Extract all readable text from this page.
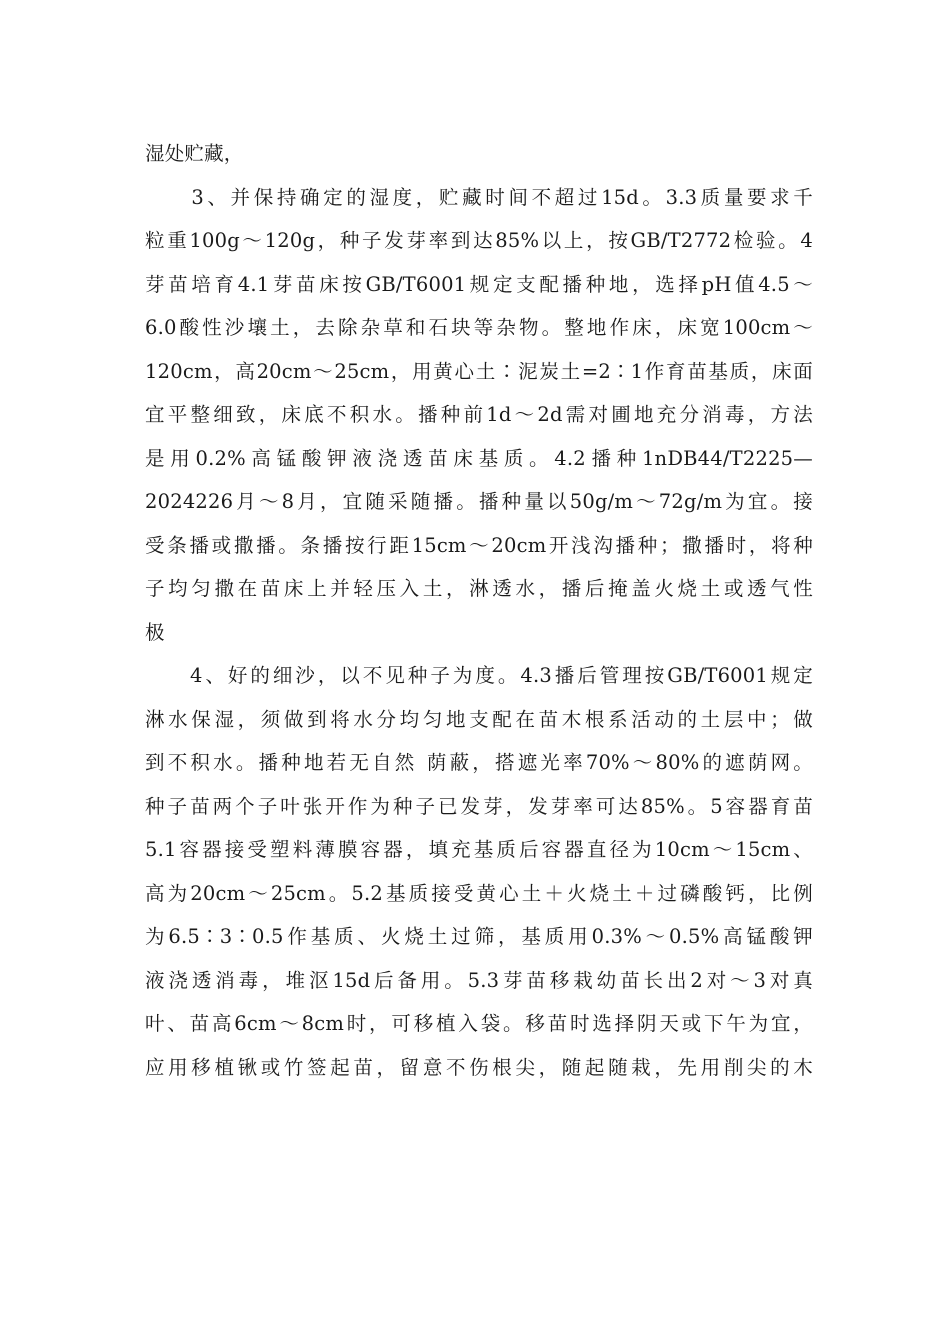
湿处贮藏，
　　3、并保持确定的湿度，贮藏时间不超过15d。3.3质量要求千
粒重100g～120g，种子发芽率到达85%以上，按GB/T2772检验。4
芽苗培育4.1芽苗床按GB/T6001规定支配播种地，选择pH值4.5～
6.0酸性沙壤土，去除杂草和石块等杂物。整地作床，床宽100cm～
120cm，高20cm～25cm，用黄心土∶泥炭土=2∶1作育苗基质，床面
宜平整细致，床底不积水。播种前1d～2d需对圃地充分消毒，方法
是用0.2%高锰酸钾液浇透苗床基质。4.2播种1nDB44/T2225—
2024226月～8月，宜随采随播。播种量以50g/m～72g/m为宜。接
受条播或撒播。条播按行距15cm～20cm开浅沟播种；撒播时，将种
子均匀撒在苗床上并轻压入土，淋透水，播后掩盖火烧土或透气性
极
　　4、好的细沙，以不见种子为度。4.3播后管理按GB/T6001规定
淋水保湿，须做到将水分均匀地支配在苗木根系活动的土层中；做
到不积水。播种地若无自然 荫蔽，搭遮光率70%～80%的遮荫网。
种子苗两个子叶张开作为种子已发芽，发芽率可达85%。5容器育苗
5.1容器接受塑料薄膜容器，填充基质后容器直径为10cm～15cm、
高为20cm～25cm。5.2基质接受黄心土＋火烧土＋过磷酸钙，比例
为6.5∶3∶0.5作基质、火烧土过筛，基质用0.3%～0.5%高锰酸钾
液浇透消毒，堆沤15d后备用。5.3芽苗移栽幼苗长出2对～3对真
叶、苗高6cm～8cm时，可移植入袋。移苗时选择阴天或下午为宜，
应用移植锹或竹签起苗，留意不伤根尖，随起随栽，先用削尖的木
